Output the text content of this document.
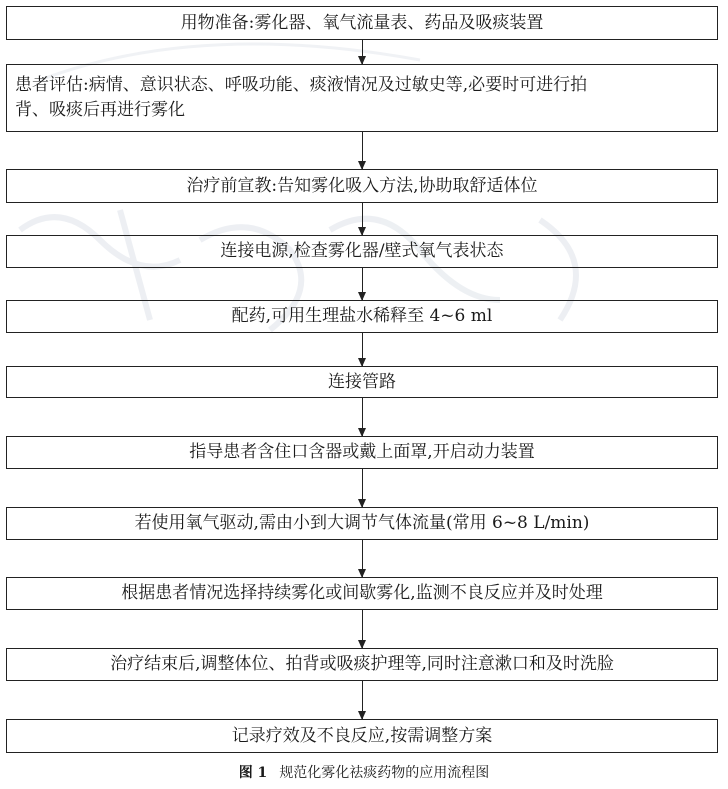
用物准备:雾化器、氧气流量表、药品及吸痰装置
患者评估:病情、意识状态、呼吸功能、痰液情况及过敏史等,必要时可进行拍背、吸痰后再进行雾化
治疗前宣教:告知雾化吸入方法,协助取舒适体位
连接电源,检查雾化器/壁式氧气表状态
配药,可用生理盐水稀释至 4~6 ml
连接管路
指导患者含住口含器或戴上面罩,开启动力装置
若使用氧气驱动,需由小到大调节气体流量(常用 6~8 L/min)
根据患者情况选择持续雾化或间歇雾化,监测不良反应并及时处理
治疗结束后,调整体位、拍背或吸痰护理等,同时注意漱口和及时洗脸
记录疗效及不良反应,按需调整方案
图 1 规范化雾化祛痰药物的应用流程图
